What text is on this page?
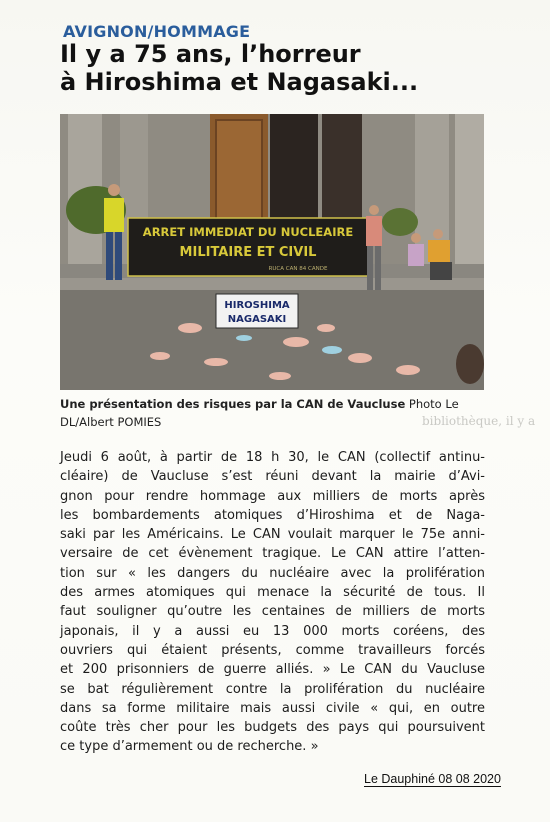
AVIGNON/HOMMAGE
Il y a 75 ans, l’horreur
à Hiroshima et Nagasaki...
ARRET IMMEDIAT DU NUCLEAIRE
MILITAIRE ET CIVIL
RUCA CAN 84 CANDE
HIROSHIMA
NAGASAKI
Une présentation des risques par la CAN de Vaucluse Photo Le
DL/Albert POMIES	bibliothèque, il y a
Jeudi 6 août, à partir de 18 h 30, le CAN (collectif antinu-
cléaire) de Vaucluse s’est réuni devant la mairie d’Avi-
gnon pour rendre hommage aux milliers de morts après
les bombardements atomiques d’Hiroshima et de Naga-
saki par les Américains. Le CAN voulait marquer le 75e anni-
versaire de cet évènement tragique. Le CAN attire l’atten-
tion sur « les dangers du nucléaire avec la prolifération
des armes atomiques qui menace la sécurité de tous. Il
faut souligner qu’outre les centaines de milliers de morts
japonais, il y a aussi eu 13 000 morts coréens, des
ouvriers qui étaient présents, comme travailleurs forcés
et 200 prisonniers de guerre alliés. » Le CAN du Vaucluse
se bat régulièrement contre la prolifération du nucléaire
dans sa forme militaire mais aussi civile « qui, en outre
coûte très cher pour les budgets des pays qui poursuivent
ce type d’armement ou de recherche. »
Le Dauphiné 08 08 2020
